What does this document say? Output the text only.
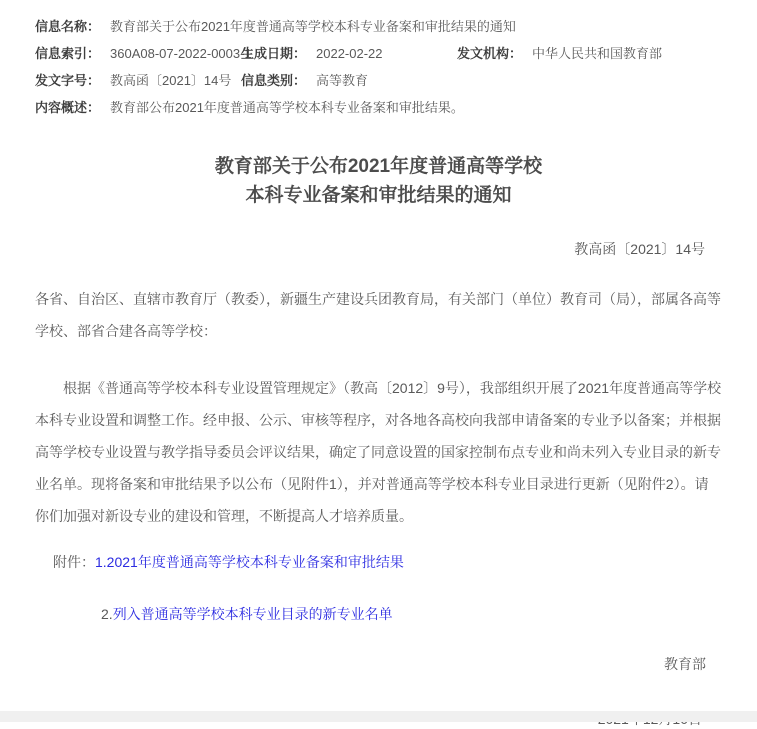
信息名称： 教育部关于公布2021年度普通高等学校本科专业备案和审批结果的通知
信息索引： 360A08-07-2022-0003-1
生成日期： 2022-02-22	发文机构： 中华人民共和国教育部
发文字号： 教高函〔2021〕14号 信息类别： 高等教育
内容概述： 教育部公布2021年度普通高等学校本科专业备案和审批结果。
教育部关于公布2021年度普通高等学校
本科专业备案和审批结果的通知
教高函〔2021〕14号

各省、自治区、直辖市教育厅（教委），新疆生产建设兵团教育局，有关部门（单位）教育司（局），部属各高等学校、部省合建各高等学校：

根据《普通高等学校本科专业设置管理规定》（教高〔2012〕9号），我部组织开展了2021年度普通高等学校本科专业设置和调整工作。经申报、公示、审核等程序，对各地各高校向我部申请备案的专业予以备案；并根据高等学校专业设置与教学指导委员会评议结果，确定了同意设置的国家控制布点专业和尚未列入专业目录的新专业名单。现将备案和审批结果予以公布（见附件1），并对普通高等学校本科专业目录进行更新（见附件2）。请你们加强对新设专业的建设和管理，不断提高人才培养质量。

附件：1.2021年度普通高等学校本科专业备案和审批结果
2.列入普通高等学校本科专业目录的新专业名单
教育部
